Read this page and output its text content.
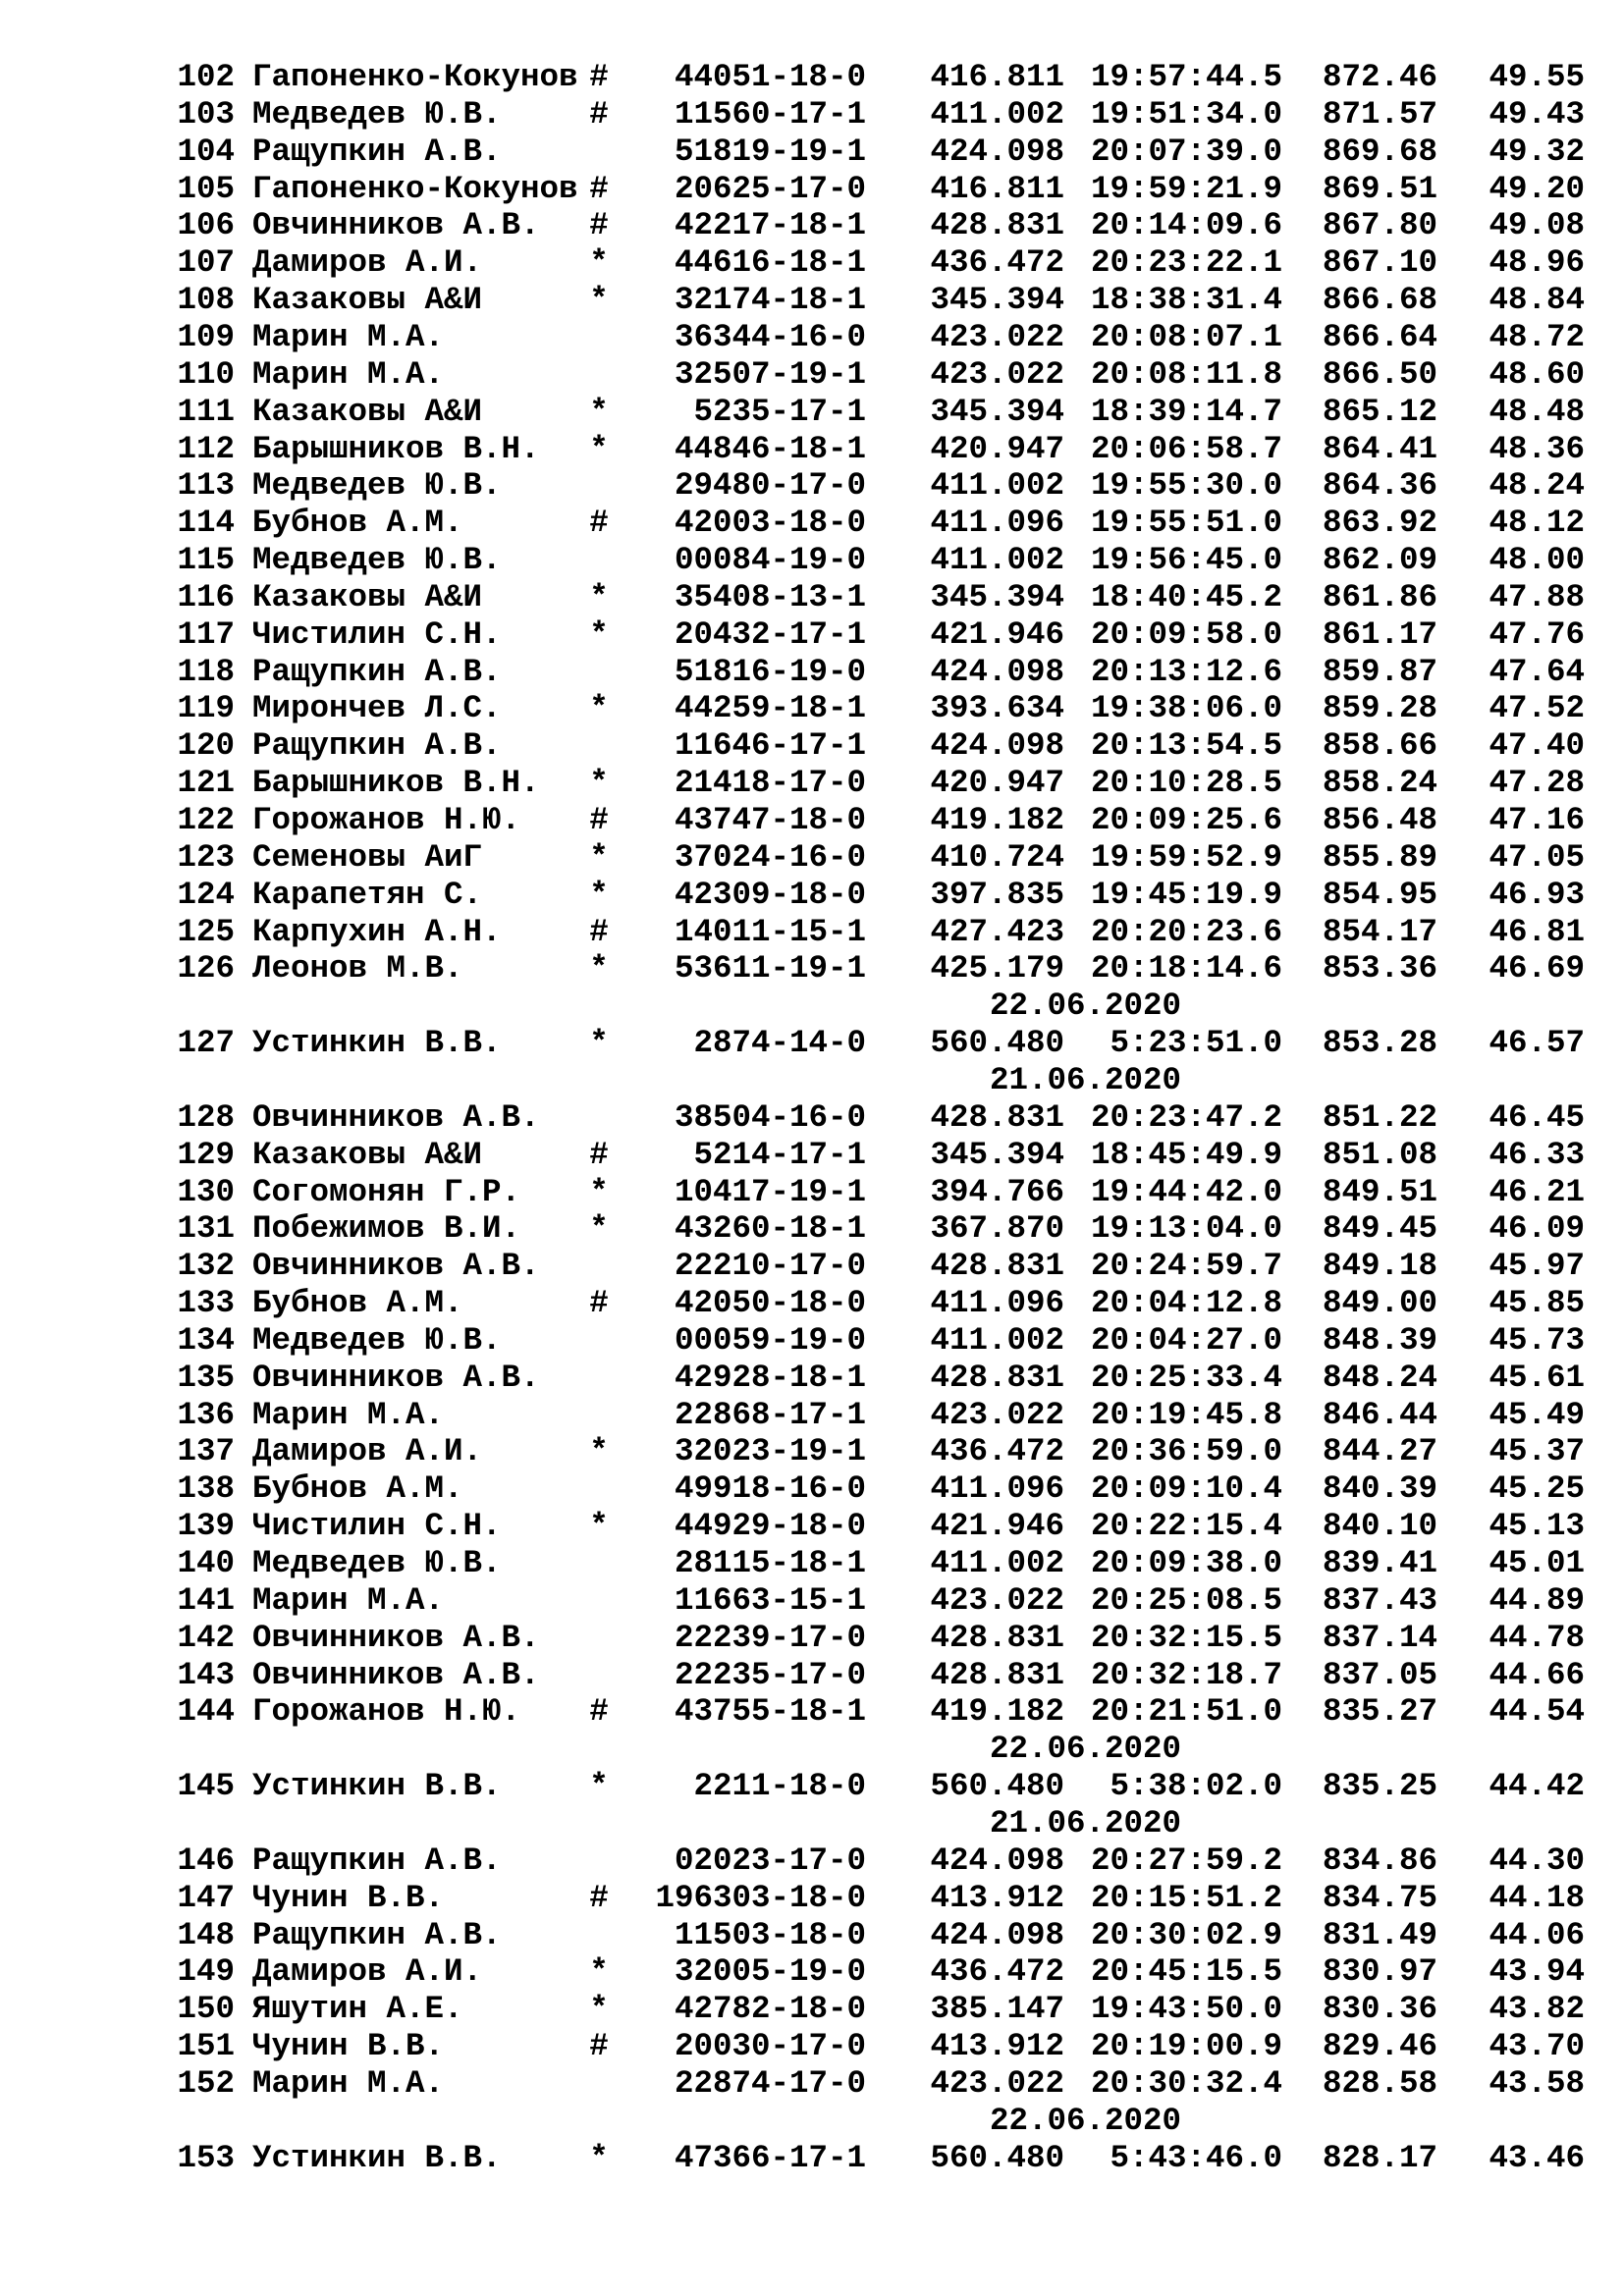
102 Гапоненко-Кокунов # 44051-18-0 416.811 19:57:44.5 872.46 49.55
103 Медведев Ю.В.	# 11560-17-1 411.002 19:51:34.0 871.57 49.43
104 Ращупкин А.В.	51819-19-1 424.098 20:07:39.0 869.68 49.32
105 Гапоненко-Кокунов # 20625-17-0 416.811 19:59:21.9 869.51 49.20
106 Овчинников А.В. # 42217-18-1 428.831 20:14:09.6 867.80 49.08
107 Дамиров А.И.	* 44616-18-1 436.472 20:23:22.1 867.10 48.96
108 Казаковы А&И	* 32174-18-1 345.394 18:38:31.4 866.68 48.84
109 Марин М.А.	36344-16-0 423.022 20:08:07.1 866.64 48.72
110 Марин М.А.	32507-19-1 423.022 20:08:11.8 866.50 48.60
111 Казаковы А&И	*	5235-17-1 345.394 18:39:14.7 865.12 48.48
112 Барышников В.Н. * 44846-18-1 420.947 20:06:58.7 864.41 48.36
113 Медведев Ю.В.	29480-17-0 411.002 19:55:30.0 864.36 48.24
114 Бубнов А.М.	# 42003-18-0 411.096 19:55:51.0 863.92 48.12
115 Медведев Ю.В.	00084-19-0 411.002 19:56:45.0 862.09 48.00
116 Казаковы А&И	* 35408-13-1 345.394 18:40:45.2 861.86 47.88
117 Чистилин С.Н.	* 20432-17-1 421.946 20:09:58.0 861.17 47.76
118 Ращупкин А.В.	51816-19-0 424.098 20:13:12.6 859.87 47.64
119 Мирончев Л.С.	* 44259-18-1 393.634 19:38:06.0 859.28 47.52
120 Ращупкин А.В.	11646-17-1 424.098 20:13:54.5 858.66 47.40
121 Барышников В.Н. * 21418-17-0 420.947 20:10:28.5 858.24 47.28
122 Горожанов Н.Ю. # 43747-18-0 419.182 20:09:25.6 856.48 47.16
123 Семеновы АиГ	* 37024-16-0 410.724 19:59:52.9 855.89 47.05
124 Карапетян С.	* 42309-18-0 397.835 19:45:19.9 854.95 46.93
125 Карпухин А.Н.	# 14011-15-1 427.423 20:20:23.6 854.17 46.81
126 Леонов М.В.	* 53611-19-1 425.179 20:18:14.6 853.36 46.69
22.06.2020
127 Устинкин В.В.	*	2874-14-0 560.480 5:23:51.0 853.28 46.57
21.06.2020
128 Овчинников А.В.	38504-16-0 428.831 20:23:47.2 851.22 46.45
129 Казаковы А&И	#	5214-17-1 345.394 18:45:49.9 851.08 46.33
130 Согомонян Г.Р. * 10417-19-1 394.766 19:44:42.0 849.51 46.21
131 Побежимов В.И. * 43260-18-1 367.870 19:13:04.0 849.45 46.09
132 Овчинников А.В.	22210-17-0 428.831 20:24:59.7 849.18 45.97
133 Бубнов А.М.	# 42050-18-0 411.096 20:04:12.8 849.00 45.85
134 Медведев Ю.В.	00059-19-0 411.002 20:04:27.0 848.39 45.73
135 Овчинников А.В.	42928-18-1 428.831 20:25:33.4 848.24 45.61
136 Марин М.А.	22868-17-1 423.022 20:19:45.8 846.44 45.49
137 Дамиров А.И.	* 32023-19-1 436.472 20:36:59.0 844.27 45.37
138 Бубнов А.М.	49918-16-0 411.096 20:09:10.4 840.39 45.25
139 Чистилин С.Н.	* 44929-18-0 421.946 20:22:15.4 840.10 45.13
140 Медведев Ю.В.	28115-18-1 411.002 20:09:38.0 839.41 45.01
141 Марин М.А.	11663-15-1 423.022 20:25:08.5 837.43 44.89
142 Овчинников А.В.	22239-17-0 428.831 20:32:15.5 837.14 44.78
143 Овчинников А.В.	22235-17-0 428.831 20:32:18.7 837.05 44.66
144 Горожанов Н.Ю. # 43755-18-1 419.182 20:21:51.0 835.27 44.54
22.06.2020
145 Устинкин В.В.	*	2211-18-0 560.480 5:38:02.0 835.25 44.42
21.06.2020
146 Ращупкин А.В.	02023-17-0 424.098 20:27:59.2 834.86 44.30
147 Чунин В.В.	# 196303-18-0 413.912 20:15:51.2 834.75 44.18
148 Ращупкин А.В.	11503-18-0 424.098 20:30:02.9 831.49 44.06
149 Дамиров А.И.	* 32005-19-0 436.472 20:45:15.5 830.97 43.94
150 Яшутин А.Е.	* 42782-18-0 385.147 19:43:50.0 830.36 43.82
151 Чунин В.В.	# 20030-17-0 413.912 20:19:00.9 829.46 43.70
152 Марин М.А.	22874-17-0 423.022 20:30:32.4 828.58 43.58
22.06.2020
153 Устинкин В.В.	* 47366-17-1 560.480 5:43:46.0 828.17 43.46
